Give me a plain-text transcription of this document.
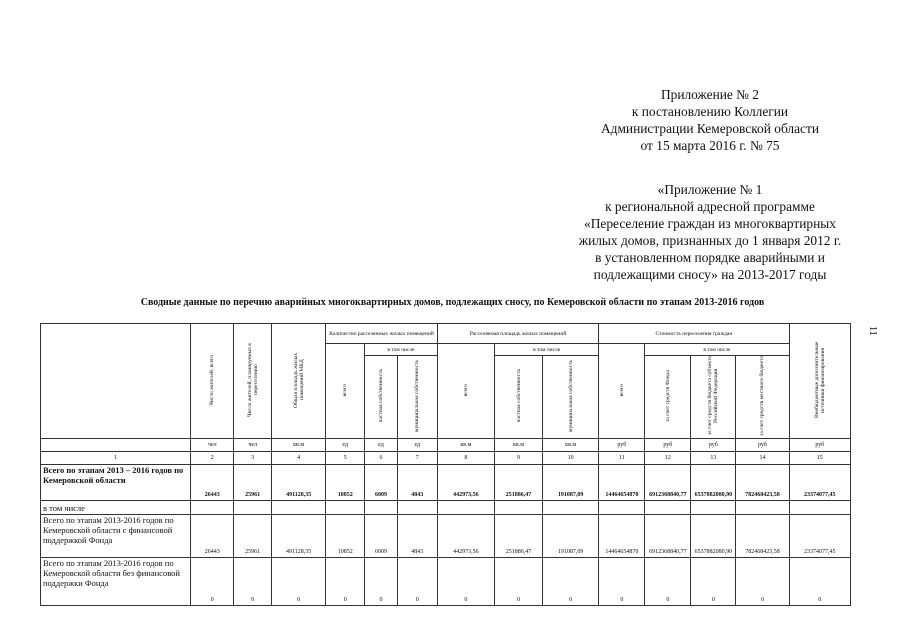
Приложение № 2
к постановлению Коллегии
Администрации Кемеровской области
от 15 марта 2016 г. № 75
«Приложение № 1
к региональной адресной программе
«Переселение граждан из многоквартирных
жилых домов, признанных до 1 января 2012 г.
в установленном порядке аварийными и
подлежащими сносу» на 2013-2017 годы
11
Сводные данные по перечню аварийных многоквартирных домов, подлежащих сносу, по Кемеровской области по этапам 2013-2016 годов
	Число жителей, всего	Число жителей, планируемых к переселению	Общая площадь жилых помещений МКД	Количество расселяемых жилых помещений			Расселяемая площадь жилых помещений			Стоимость переселения граждан				Внебюджетные дополнительные источники финансирования
				всего	в том числе		всего	в том числе		всего	в том числе			
					частная собственность	муниципальная собственность		частная собственность	муниципальная собственность		за счет средств Фонда	за счет средств бюджета субъекта Российской Федерации	за счет средств местного бюджета	
	чел	чел	кв.м	ед	ед	ед	кв.м	кв.м	кв.м	руб	руб	руб	руб	руб
1	2	3	4	5	6	7	8	9	10	11	12	13	14	15
Всего по этапам 2013 – 2016 годов по Кемеровской области	26443	25961	491128,35	10852	6009	4843	442973,56	251886,47	191087,09	14464654870	6912368840,77	6537882080,90	782468423,58	23374077,45
в том числе														
Всего по этапам 2013-2016 годов по Кемеровской области с финансовой поддержкой Фонда	26443	25961	491128,35	10852	6009	4843	442973,56	251886,47	191087,09	14464654870	6912368840,77	6537882080,90	782468423,58	23374077,45
Всего по этапам 2013-2016 годов по Кемеровской области без финансовой поддержки Фонда	0	0	0	0	0	0	0	0	0	0	0	0	0	0
